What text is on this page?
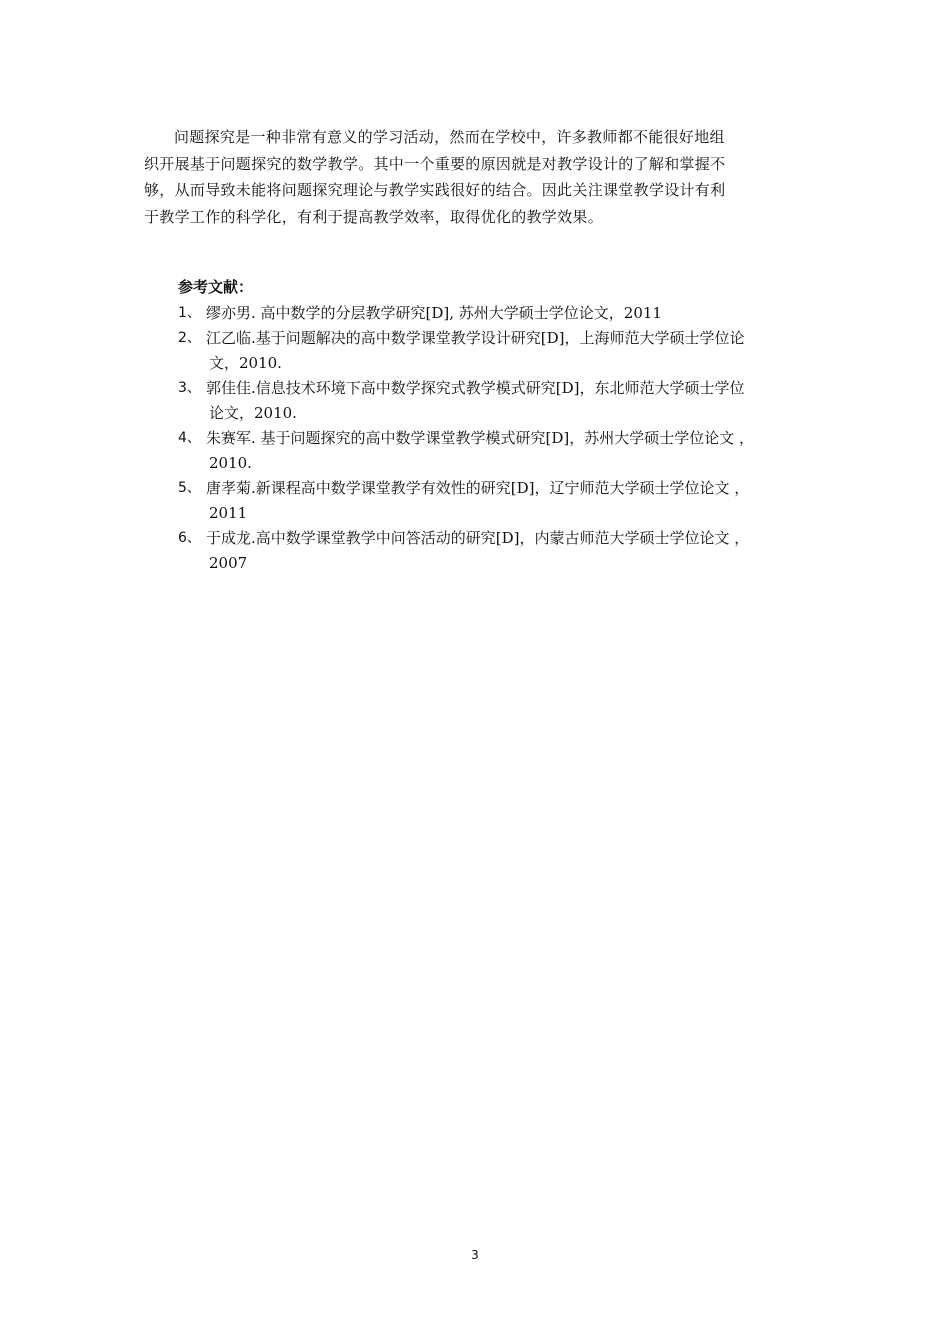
问题探究是一种非常有意义的学习活动，然而在学校中，许多教师都不能很好地组
织开展基于问题探究的数学教学。其中一个重要的原因就是对教学设计的了解和掌握不
够，从而导致未能将问题探究理论与教学实践很好的结合。因此关注课堂教学设计有利
于教学工作的科学化，有利于提高教学效率，取得优化的教学效果。
参考文献：
1、 缪亦男. 高中数学的分层教学研究[D], 苏州大学硕士学位论文，2011
2、 江乙临.基于问题解决的高中数学课堂教学设计研究[D]，上海师范大学硕士学位论
文，2010.
3、 郭佳佳.信息技术环境下高中数学探究式教学模式研究[D]，东北师范大学硕士学位
论文，2010.
4、 朱赛军. 基于问题探究的高中数学课堂教学模式研究[D]，苏州大学硕士学位论文 ，
2010.
5、 唐孝菊.新课程高中数学课堂教学有效性的研究[D]，辽宁师范大学硕士学位论文 ，
2011
6、 于成龙.高中数学课堂教学中问答活动的研究[D]，内蒙古师范大学硕士学位论文 ，
2007
3
